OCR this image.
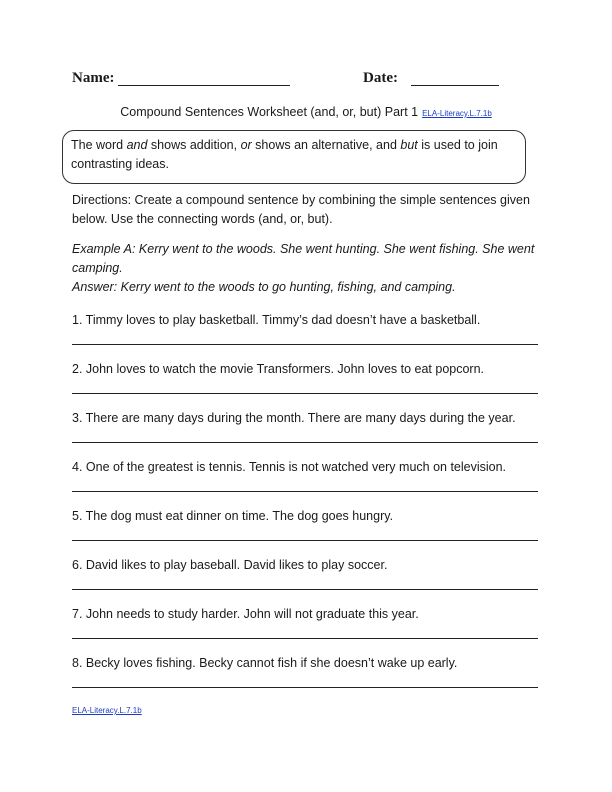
Name:	Date:
Compound Sentences Worksheet (and, or, but) Part 1 ELA-Literacy.L.7.1b
The word and shows addition, or shows an alternative, and but is used to join contrasting ideas.
Directions: Create a compound sentence by combining the simple sentences given below. Use the connecting words (and, or, but).
Example A: Kerry went to the woods. She went hunting. She went fishing. She went camping.
Answer: Kerry went to the woods to go hunting, fishing, and camping.
1. Timmy loves to play basketball. Timmy’s dad doesn’t have a basketball.
2. John loves to watch the movie Transformers. John loves to eat popcorn.
3. There are many days during the month. There are many days during the year.
4. One of the greatest is tennis. Tennis is not watched very much on television.
5. The dog must eat dinner on time. The dog goes hungry.
6. David likes to play baseball. David likes to play soccer.
7. John needs to study harder. John will not graduate this year.
8. Becky loves fishing. Becky cannot fish if she doesn’t wake up early.
ELA-Literacy.L.7.1b
